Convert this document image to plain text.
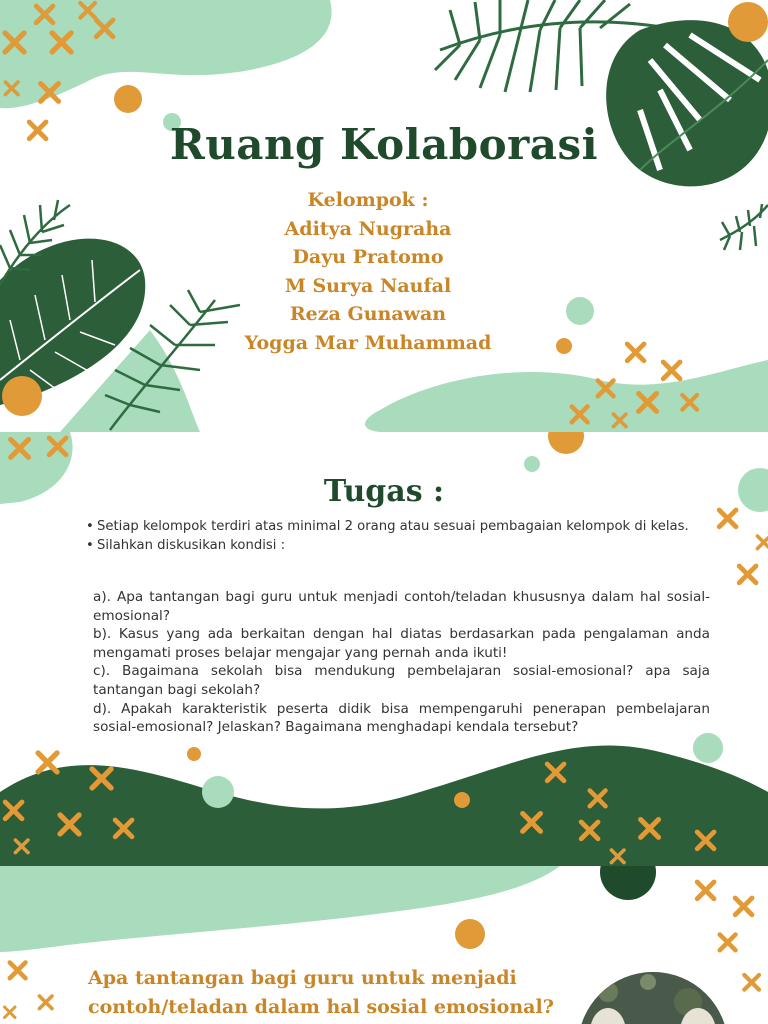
Ruang Kolaborasi
Kelompok :
Aditya Nugraha
Dayu Pratomo
M Surya Naufal
Reza Gunawan
Yogga Mar Muhammad
Tugas :
• Setiap kelompok terdiri atas minimal 2 orang atau sesuai pembagaian kelompok di kelas.
• Silahkan diskusikan kondisi :
a). Apa tantangan bagi guru untuk menjadi contoh/teladan khususnya dalam hal sosial-emosional?
b). Kasus yang ada berkaitan dengan hal diatas berdasarkan pada pengalaman anda mengamati proses belajar mengajar yang pernah anda ikuti!
c). Bagaimana sekolah bisa mendukung pembelajaran sosial-emosional? apa saja tantangan bagi sekolah?
d). Apakah karakteristik peserta didik bisa mempengaruhi penerapan pembelajaran sosial-emosional? Jelaskan? Bagaimana menghadapi kendala tersebut?

Apa tantangan bagi guru untuk menjadi contoh/teladan dalam hal sosial emosional?
